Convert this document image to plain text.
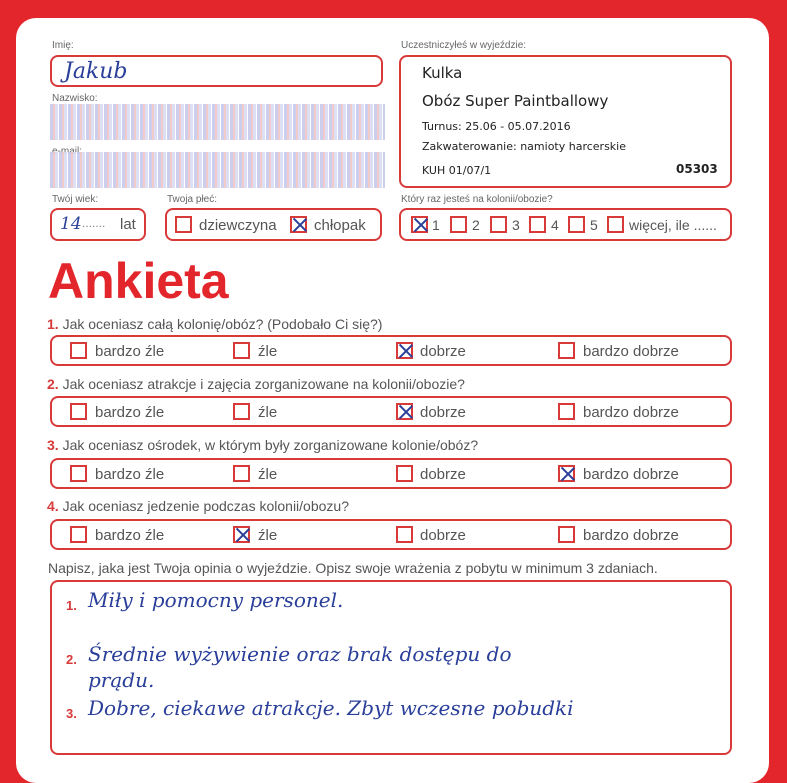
Imię:
Jakub
Nazwisko:
Uczestniczyłeś w wyjeździe:
Kulka
Obóz Super Paintballowy
Turnus: 25.06 - 05.07.2016
Zakwaterowanie: namioty harcerskie
KUH 01/07/1	05303
Twój wiek:
14 ....... lat
Twoja płeć:
dziewczyna chłopak
Który raz jesteś na kolonii/obozie?
1 2 3 4 5 więcej, ile ......
Ankieta
1. Jak oceniasz całą kolonię/obóz? (Podobało Ci się?)
bardzo źle	źle	dobrze	bardzo dobrze
2. Jak oceniasz atrakcje i zajęcia zorganizowane na kolonii/obozie?
bardzo źle	źle	dobrze	bardzo dobrze
3. Jak oceniasz ośrodek, w którym były zorganizowane kolonie/obóz?
bardzo źle	źle	dobrze	bardzo dobrze
4. Jak oceniasz jedzenie podczas kolonii/obozu?
bardzo źle	źle	dobrze	bardzo dobrze
Napisz, jaka jest Twoja opinia o wyjeździe. Opisz swoje wrażenia z pobytu w minimum 3 zdaniach.
1. Miły i pomocny personel.
2. Średnie wyżywienie oraz brak dostępu do
prądu.
3. Dobre, ciekawe atrakcje. Zbyt wczesne pobudki
